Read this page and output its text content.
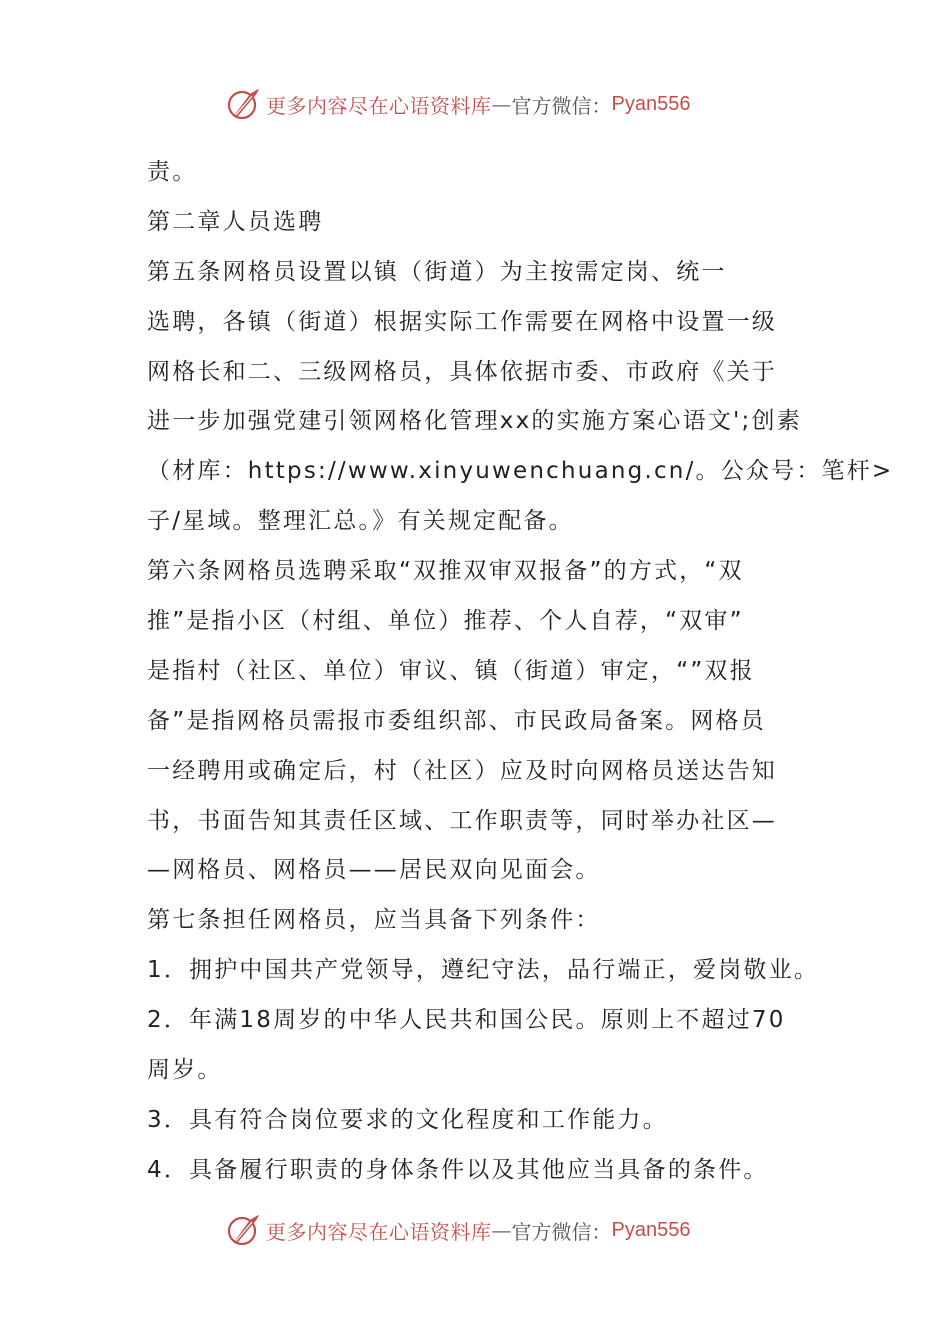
更多内容尽在心语资料库 — 官方微信： Pyan556
责。
第二章人员选聘
第五条网格员设置以镇（街道）为主按需定岗、统一
选聘，各镇（街道）根据实际工作需要在网格中设置一级
网格长和二、三级网格员，具体依据市委、市政府《关于
进一步加强党建引领网格化管理xx的实施方案心语文';创素
（材库：https://www.xinyuwenchuang.cn/。公众号：笔杆>
子/星域。整理汇总。》有关规定配备。
第六条网格员选聘采取“双推双审双报备”的方式，“双
推”是指小区（村组、单位）推荐、个人自荐，“双审”
是指村（社区、单位）审议、镇（街道）审定，“”双报
备”是指网格员需报市委组织部、市民政局备案。网格员
一经聘用或确定后，村（社区）应及时向网格员送达告知
书，书面告知其责任区域、工作职责等，同时举办社区—
—网格员、网格员——居民双向见面会。
第七条担任网格员，应当具备下列条件：
1．拥护中国共产党领导，遵纪守法，品行端正，爱岗敬业。
2．年满18周岁的中华人民共和国公民。原则上不超过70
周岁。
3．具有符合岗位要求的文化程度和工作能力。
4．具备履行职责的身体条件以及其他应当具备的条件。
更多内容尽在心语资料库 — 官方微信： Pyan556
